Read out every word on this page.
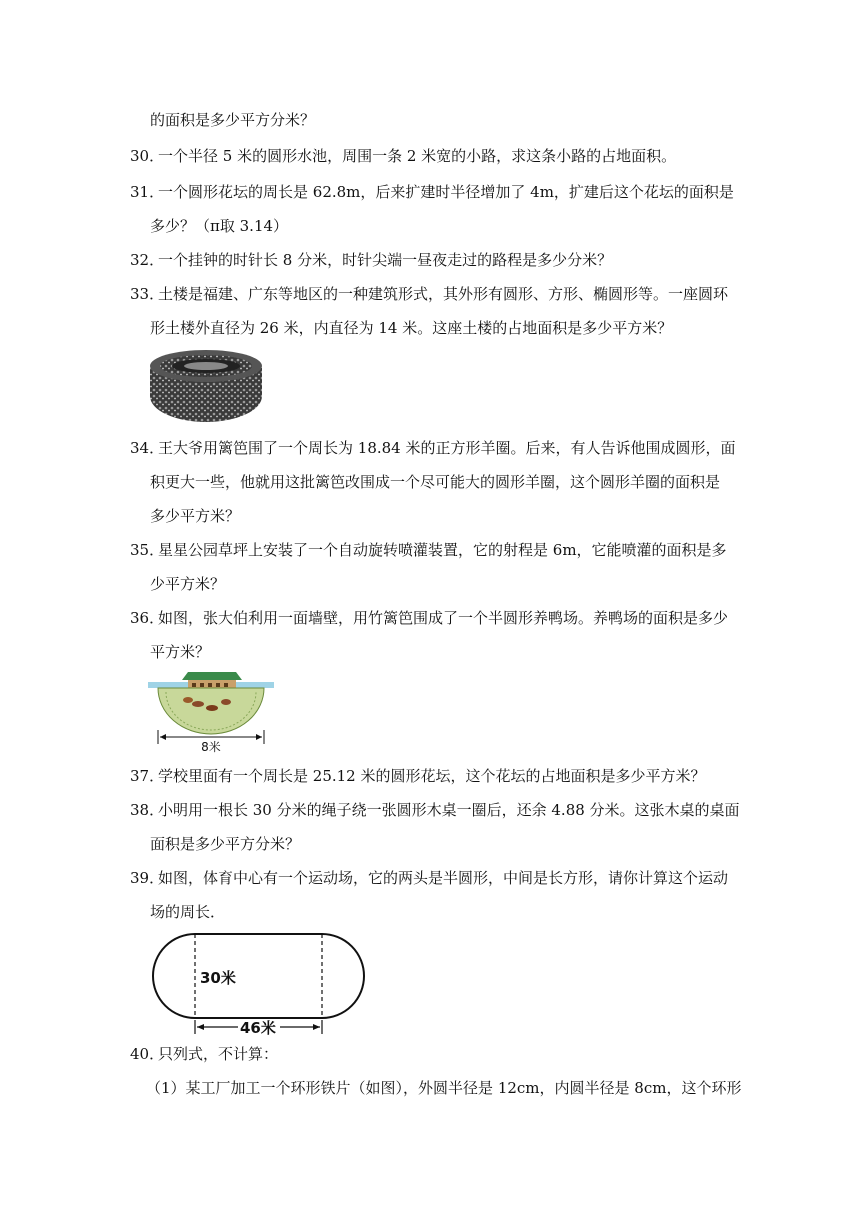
的面积是多少平方分米？
30．一个半径 5 米的圆形水池，周围一条 2 米宽的小路，求这条小路的占地面积。
31．一个圆形花坛的周长是 62.8m，后来扩建时半径增加了 4m，扩建后这个花坛的面积是
多少？（π取 3.14）
32．一个挂钟的时针长 8 分米，时针尖端一昼夜走过的路程是多少分米？
33．土楼是福建、广东等地区的一种建筑形式，其外形有圆形、方形、椭圆形等。一座圆环
形土楼外直径为 26 米，内直径为 14 米。这座土楼的占地面积是多少平方米？
34．王大爷用篱笆围了一个周长为 18.84 米的正方形羊圈。后来，有人告诉他围成圆形，面
积更大一些，他就用这批篱笆改围成一个尽可能大的圆形羊圈，这个圆形羊圈的面积是
多少平方米？
35．星星公园草坪上安装了一个自动旋转喷灌装置，它的射程是 6m，它能喷灌的面积是多
少平方米？
36．如图，张大伯利用一面墙壁，用竹篱笆围成了一个半圆形养鸭场。养鸭场的面积是多少
平方米？
8米
37．学校里面有一个周长是 25.12 米的圆形花坛，这个花坛的占地面积是多少平方米？
38．小明用一根长 30 分米的绳子绕一张圆形木桌一圈后，还余 4.88 分米。这张木桌的桌面
面积是多少平方分米？
39．如图，体育中心有一个运动场，它的两头是半圆形，中间是长方形，请你计算这个运动
场的周长．
30米
46米
40．只列式，不计算：
（1）某工厂加工一个环形铁片（如图），外圆半径是 12cm，内圆半径是 8cm，这个环形
